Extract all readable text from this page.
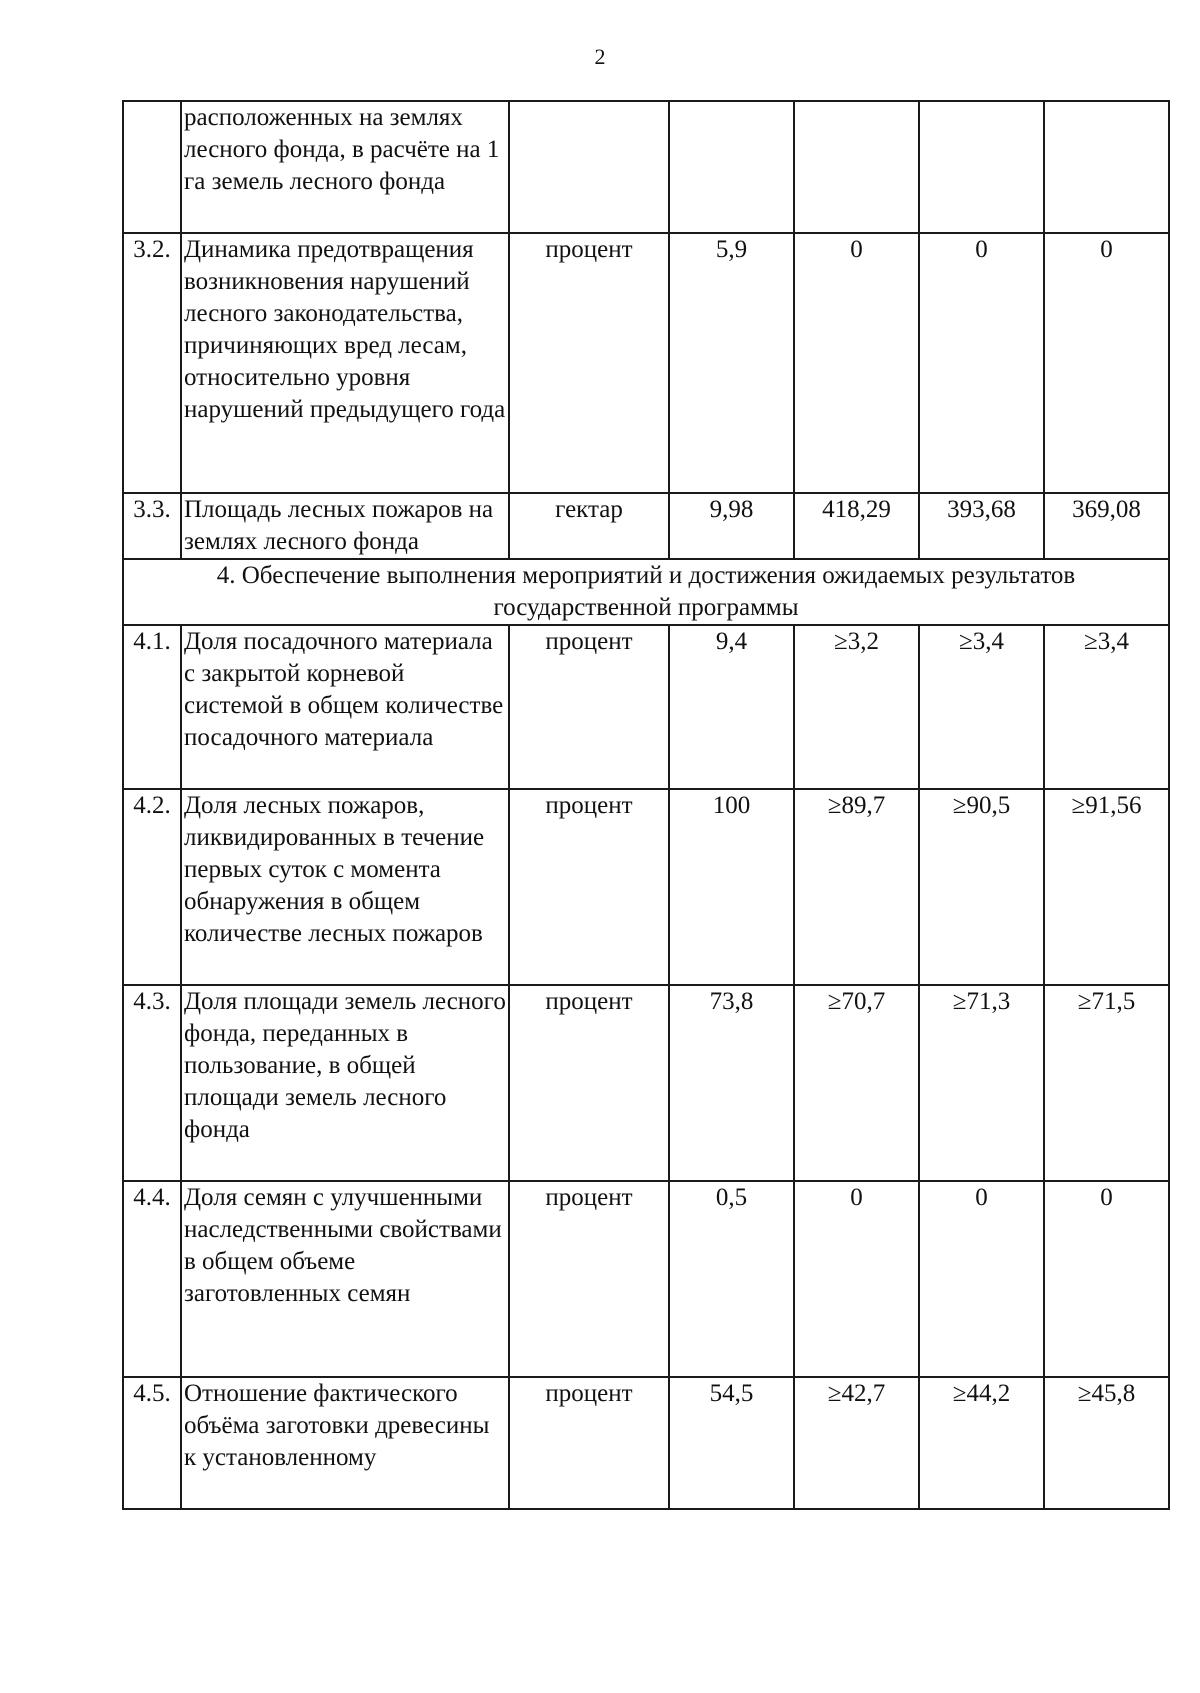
2
	расположенных на землях лесного фонда, в расчёте на 1 га земель лесного фонда					
3.2.	Динамика предотвращения возникновения нарушений лесного законодательства, причиняющих вред лесам, относительно уровня нарушений предыдущего года	процент	5,9	0	0	0
3.3.	Площадь лесных пожаров на землях лесного фонда	гектар	9,98	418,29	393,68	369,08
4. Обеспечение выполнения мероприятий и достижения ожидаемых результатов государственной программы						
4.1.	Доля посадочного материала с закрытой корневой системой в общем количестве посадочного материала	процент	9,4	≥3,2	≥3,4	≥3,4
4.2.	Доля лесных пожаров, ликвидированных в течение первых суток с момента обнаружения в общем количестве лесных пожаров	процент	100	≥89,7	≥90,5	≥91,56
4.3.	Доля площади земель лесного фонда, переданных в пользование, в общей площади земель лесного фонда	процент	73,8	≥70,7	≥71,3	≥71,5
4.4.	Доля семян с улучшенными наследственными свойствами в общем объеме заготовленных семян	процент	0,5	0	0	0
4.5.	Отношение фактического объёма заготовки древесины к установленному	процент	54,5	≥42,7	≥44,2	≥45,8
